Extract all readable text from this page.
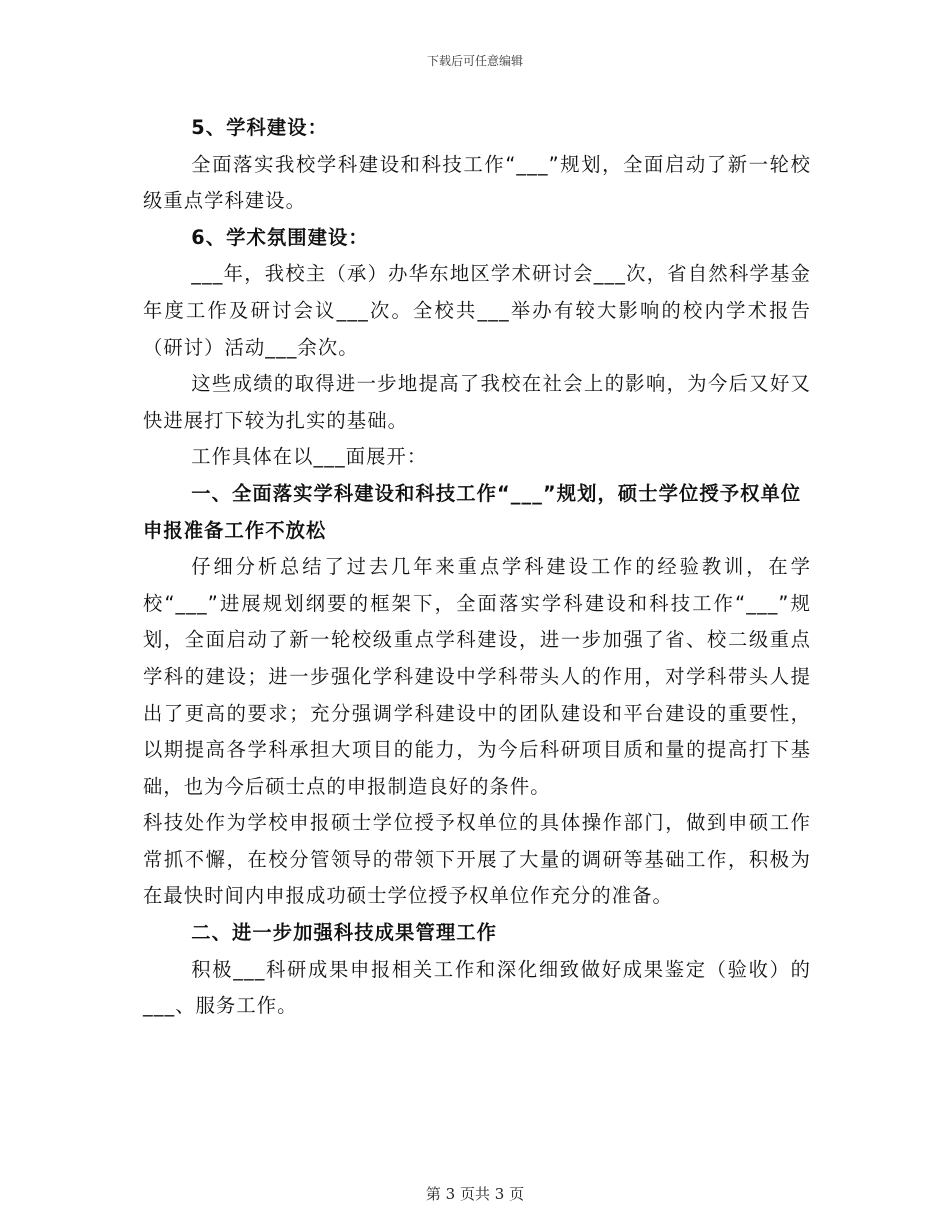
下载后可任意编辑
5、学科建设：

全面落实我校学科建设和科技工作“___”规划，全面启动了新一轮校级重点学科建设。

6、学术氛围建设：

___年，我校主（承）办华东地区学术研讨会___次，省自然科学基金年度工作及研讨会议___次。全校共___举办有较大影响的校内学术报告（研讨）活动___余次。

这些成绩的取得进一步地提高了我校在社会上的影响，为今后又好又快进展打下较为扎实的基础。

工作具体在以___面展开：

一、全面落实学科建设和科技工作“___”规划，硕士学位授予权单位申报准备工作不放松

仔细分析总结了过去几年来重点学科建设工作的经验教训，在学校“___”进展规划纲要的框架下，全面落实学科建设和科技工作“___”规划，全面启动了新一轮校级重点学科建设，进一步加强了省、校二级重点学科的建设；进一步强化学科建设中学科带头人的作用，对学科带头人提出了更高的要求；充分强调学科建设中的团队建设和平台建设的重要性，以期提高各学科承担大项目的能力，为今后科研项目质和量的提高打下基础，也为今后硕士点的申报制造良好的条件。

科技处作为学校申报硕士学位授予权单位的具体操作部门，做到申硕工作常抓不懈，在校分管领导的带领下开展了大量的调研等基础工作，积极为在最快时间内申报成功硕士学位授予权单位作充分的准备。

二、进一步加强科技成果管理工作

积极___科研成果申报相关工作和深化细致做好成果鉴定（验收）的___、服务工作。

第 3 页共 3 页
